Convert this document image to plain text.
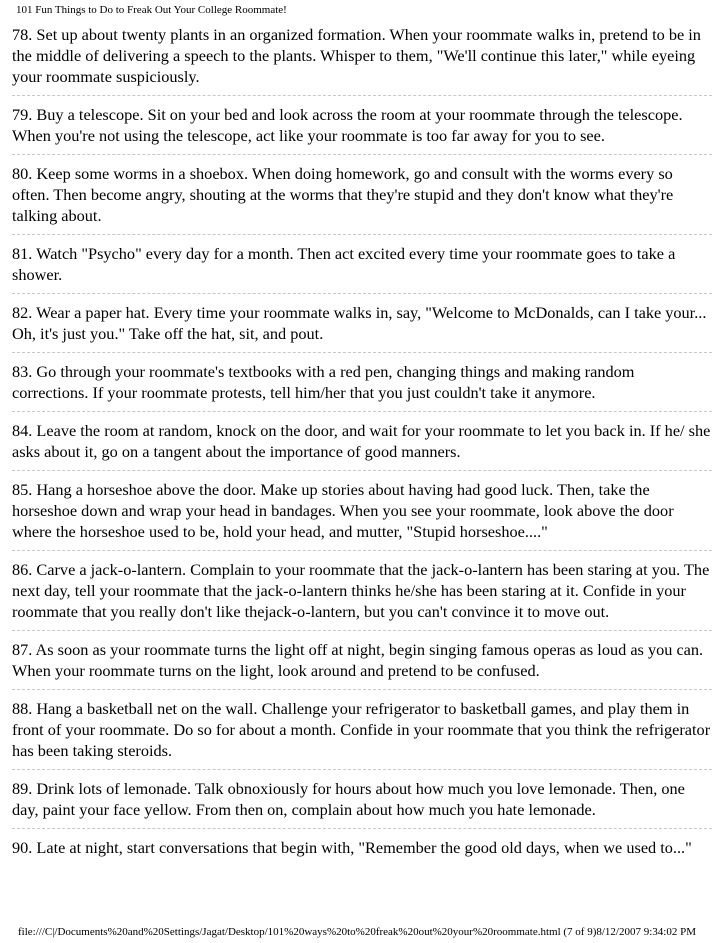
101 Fun Things to Do to Freak Out Your College Roommate!

78. Set up about twenty plants in an organized formation. When your roommate walks in, pretend to be in the middle of delivering a speech to the plants. Whisper to them, "We'll continue this later," while eyeing your roommate suspiciously.

79. Buy a telescope. Sit on your bed and look across the room at your roommate through the telescope. When you're not using the telescope, act like your roommate is too far away for you to see.

80. Keep some worms in a shoebox. When doing homework, go and consult with the worms every so often. Then become angry, shouting at the worms that they're stupid and they don't know what they're talking about.

81. Watch "Psycho" every day for a month. Then act excited every time your roommate goes to take a shower.

82. Wear a paper hat. Every time your roommate walks in, say, "Welcome to McDonalds, can I take your... Oh, it's just you." Take off the hat, sit, and pout.

83. Go through your roommate's textbooks with a red pen, changing things and making random corrections. If your roommate protests, tell him/her that you just couldn't take it anymore.

84. Leave the room at random, knock on the door, and wait for your roommate to let you back in. If he/ she asks about it, go on a tangent about the importance of good manners.

85. Hang a horseshoe above the door. Make up stories about having had good luck. Then, take the horseshoe down and wrap your head in bandages. When you see your roommate, look above the door where the horseshoe used to be, hold your head, and mutter, "Stupid horseshoe...."

86. Carve a jack-o-lantern. Complain to your roommate that the jack-o-lantern has been staring at you. The next day, tell your roommate that the jack-o-lantern thinks he/she has been staring at it. Confide in your roommate that you really don't like thejack-o-lantern, but you can't convince it to move out.

87. As soon as your roommate turns the light off at night, begin singing famous operas as loud as you can. When your roommate turns on the light, look around and pretend to be confused.

88. Hang a basketball net on the wall. Challenge your refrigerator to basketball games, and play them in front of your roommate. Do so for about a month. Confide in your roommate that you think the refrigerator has been taking steroids.

89. Drink lots of lemonade. Talk obnoxiously for hours about how much you love lemonade. Then, one day, paint your face yellow. From then on, complain about how much you hate lemonade.

90. Late at night, start conversations that begin with, "Remember the good old days, when we used to..."

file:///C|/Documents%20and%20Settings/Jagat/Desktop/101%20ways%20to%20freak%20out%20your%20roommate.html (7 of 9)8/12/2007 9:34:02 PM
